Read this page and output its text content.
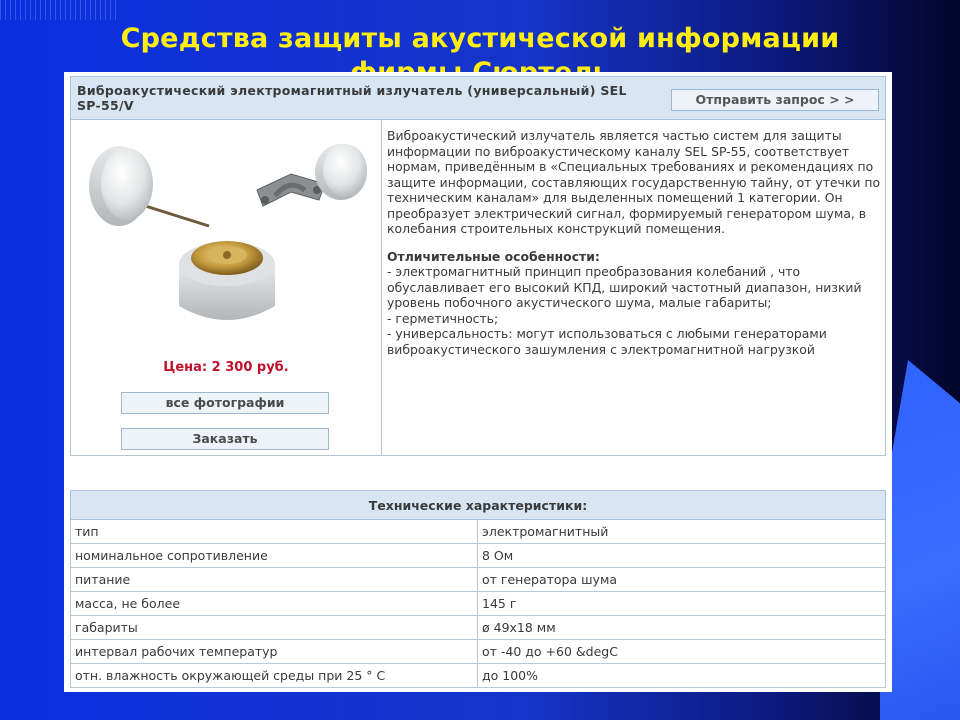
Средства защиты акустической информации
Виброакустический электромагнитный излучатель (универсальный) SEL SP-55/V	Отправить запрос > >
Цена: 2 300 руб.
все фотографии
Заказать
Виброакустический излучатель является частью систем для защиты информации по виброакустическому каналу SEL SP-55, соответствует нормам, приведённым в «Специальных требованиях и рекомендациях по защите информации, составляющих государственную тайну, от утечки по техническим каналам» для выделенных помещений 1 категории. Он преобразует электрический сигнал, формируемый генератором шума, в колебания строительных конструкций помещения.
Отличительные особенности:
- электромагнитный принцип преобразования колебаний , что обуславливает его высокий КПД, широкий частотный диапазон, низкий уровень побочного акустического шума, малые габариты;
- герметичность;
- универсальность: могут использоваться с любыми генераторами виброакустического зашумления с электромагнитной нагрузкой
Технические характеристики:	
тип	электромагнитный
номинальное сопротивление	8 Ом
питание	от генератора шума
масса, не более	145 г
габариты	ø 49х18 мм
интервал рабочих температур	от -40 до +60 &degC
отн. влажность окружающей среды при 25 ° С	до 100%
